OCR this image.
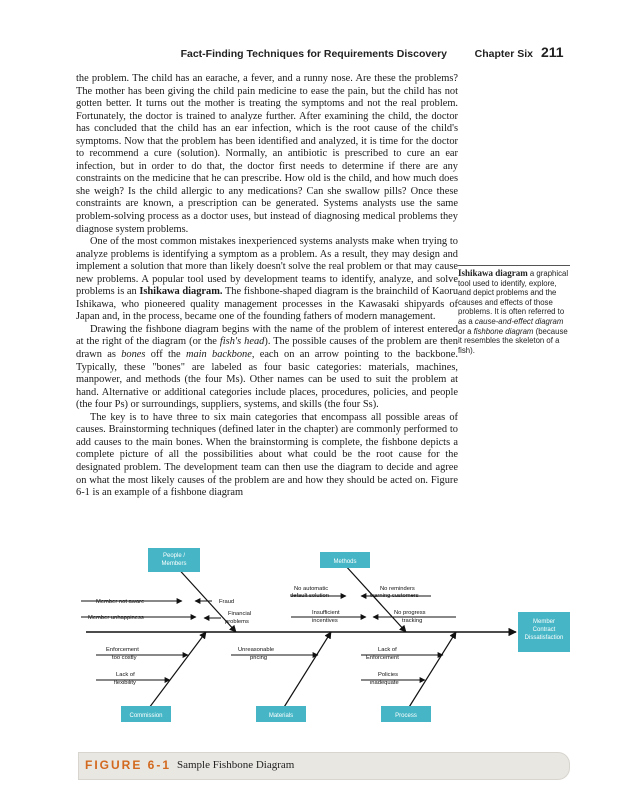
Fact-Finding Techniques for Requirements Discovery	Chapter Six 211

the problem. The child has an earache, a fever, and a runny nose. Are these the problems? The mother has been giving the child pain medicine to ease the pain, but the child has not gotten better. It turns out the mother is treating the symptoms and not the real problem. Fortunately, the doctor is trained to analyze further. After examining the child, the doctor has concluded that the child has an ear infection, which is the root cause of the child's symptoms. Now that the problem has been identified and analyzed, it is time for the doctor to recommend a cure (solution). Normally, an antibiotic is prescribed to cure an ear infection, but in order to do that, the doctor first needs to determine if there are any constraints on the medicine that he can prescribe. How old is the child, and how much does she weigh? Is the child allergic to any medications? Can she swallow pills? Once these constraints are known, a prescription can be generated. Systems analysts use the same problem-solving process as a doctor uses, but instead of diagnosing medical problems they diagnose system problems.

One of the most common mistakes inexperienced systems analysts make when trying to analyze problems is identifying a symptom as a problem. As a result, they may design and implement a solution that more than likely doesn't solve the real problem or that may cause new problems. A popular tool used by development teams to identify, analyze, and solve problems is an Ishikawa diagram. The fishbone-shaped diagram is the brainchild of Kaoru Ishikawa, who pioneered quality management processes in the Kawasaki shipyards of Japan and, in the process, became one of the founding fathers of modern management.

Drawing the fishbone diagram begins with the name of the problem of interest entered at the right of the diagram (or the fish's head). The possible causes of the problem are then drawn as bones off the main backbone, each on an arrow pointing to the backbone. Typically, these "bones" are labeled as four basic categories: materials, machines, manpower, and methods (the four Ms). Other names can be used to suit the problem at hand. Alternative or additional categories include places, procedures, policies, and people (the four Ps) or surroundings, suppliers, systems, and skills (the four Ss).

The key is to have three to six main categories that encompass all possible areas of causes. Brainstorming techniques (defined later in the chapter) are commonly performed to add causes to the main bones. When the brainstorming is complete, the fishbone depicts a complete picture of all the possibilities about what could be the root cause for the designated problem. The development team can then use the diagram to decide and agree on what the most likely causes of the problem are and how they should be acted on. Figure 6-1 is an example of a fishbone diagram

Ishikawa diagram a graphical tool used to identify, explore, and depict problems and the causes and effects of those problems. It is often referred to as a cause-and-effect diagram or a fishbone diagram (because it resembles the skeleton of a fish).
People / Members	Methods
Member Contract Dissatisfaction
Commission	Materials	Process
Member not aware	Fraud
Member unhappiness
Financial problems
No automatic default solution
No reminders warning customers
Insufficient incentives
No progress tracking
Enforcement too costly
Lack of flexibility
Unreasonable pricing
Lack of Enforcement
Policies inadequate
FIGURE 6-1 Sample Fishbone Diagram
